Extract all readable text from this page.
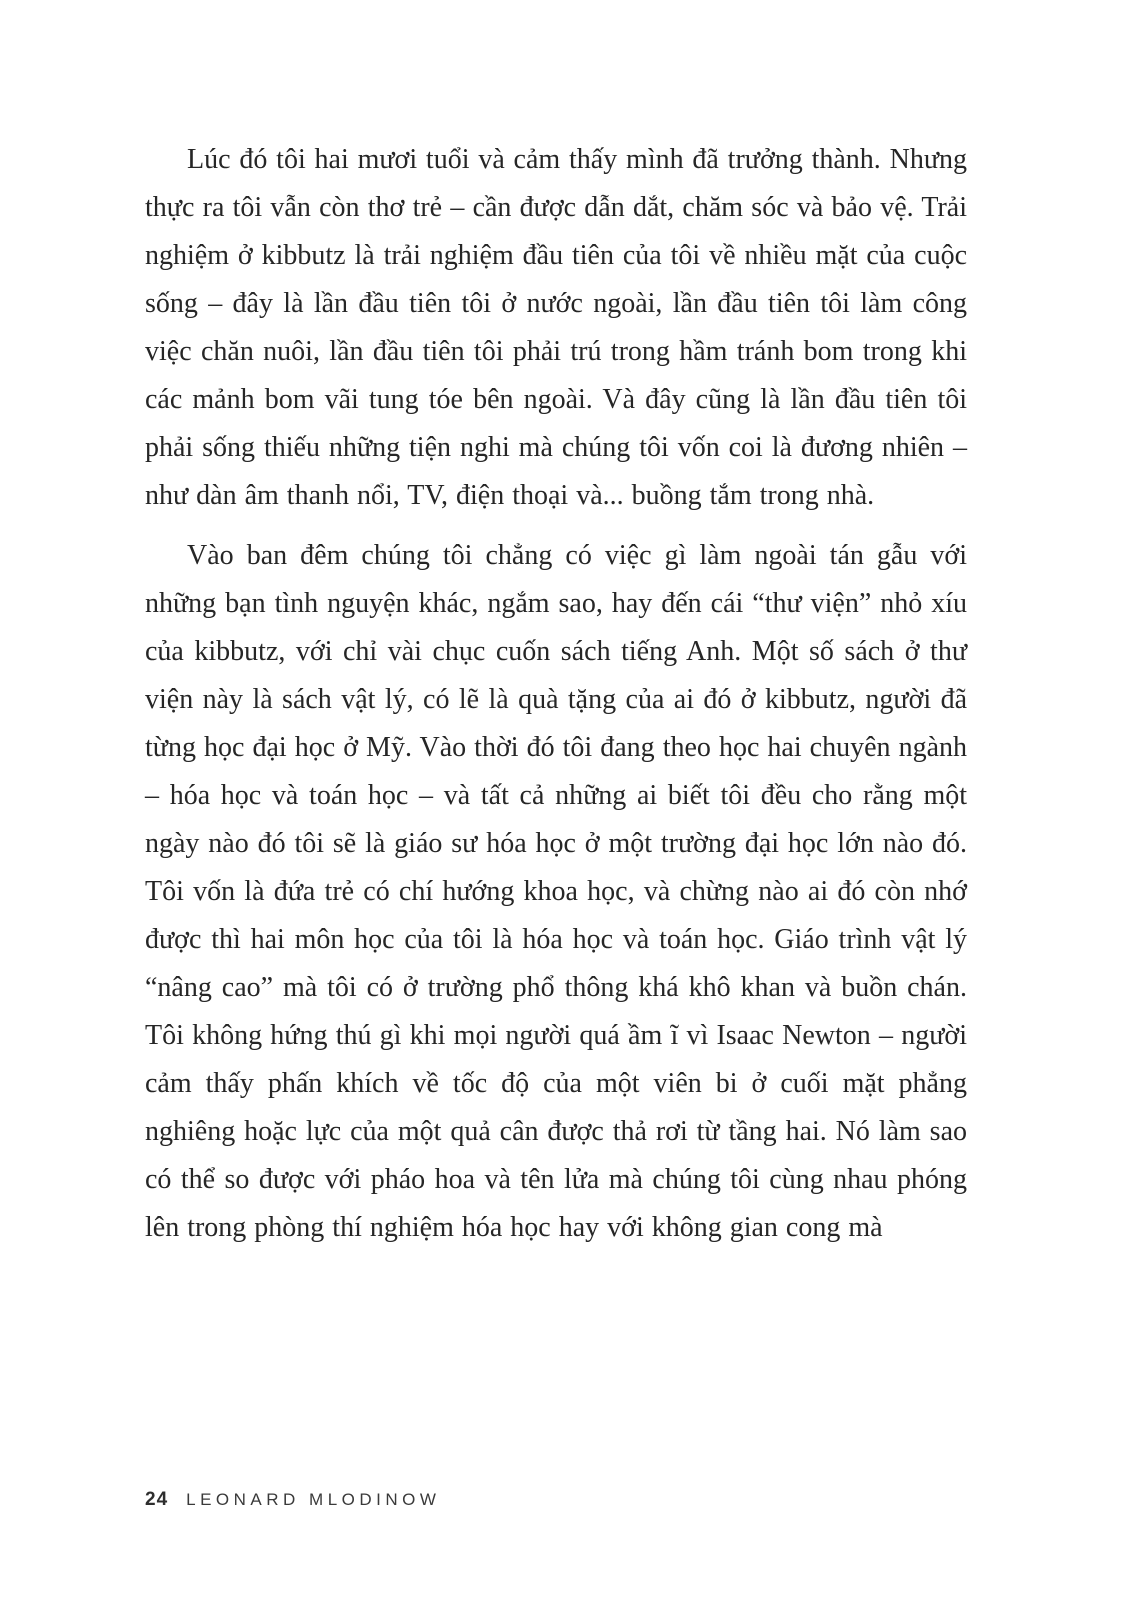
Lúc đó tôi hai mươi tuổi và cảm thấy mình đã trưởng thành. Nhưng thực ra tôi vẫn còn thơ trẻ – cần được dẫn dắt, chăm sóc và bảo vệ. Trải nghiệm ở kibbutz là trải nghiệm đầu tiên của tôi về nhiều mặt của cuộc sống – đây là lần đầu tiên tôi ở nước ngoài, lần đầu tiên tôi làm công việc chăn nuôi, lần đầu tiên tôi phải trú trong hầm tránh bom trong khi các mảnh bom vãi tung tóe bên ngoài. Và đây cũng là lần đầu tiên tôi phải sống thiếu những tiện nghi mà chúng tôi vốn coi là đương nhiên – như dàn âm thanh nổi, TV, điện thoại và... buồng tắm trong nhà.

Vào ban đêm chúng tôi chẳng có việc gì làm ngoài tán gẫu với những bạn tình nguyện khác, ngắm sao, hay đến cái “thư viện” nhỏ xíu của kibbutz, với chỉ vài chục cuốn sách tiếng Anh. Một số sách ở thư viện này là sách vật lý, có lẽ là quà tặng của ai đó ở kibbutz, người đã từng học đại học ở Mỹ. Vào thời đó tôi đang theo học hai chuyên ngành – hóa học và toán học – và tất cả những ai biết tôi đều cho rằng một ngày nào đó tôi sẽ là giáo sư hóa học ở một trường đại học lớn nào đó. Tôi vốn là đứa trẻ có chí hướng khoa học, và chừng nào ai đó còn nhớ được thì hai môn học của tôi là hóa học và toán học. Giáo trình vật lý “nâng cao” mà tôi có ở trường phổ thông khá khô khan và buồn chán. Tôi không hứng thú gì khi mọi người quá ầm ĩ vì Isaac Newton – người cảm thấy phấn khích về tốc độ của một viên bi ở cuối mặt phẳng nghiêng hoặc lực của một quả cân được thả rơi từ tầng hai. Nó làm sao có thể so được với pháo hoa và tên lửa mà chúng tôi cùng nhau phóng lên trong phòng thí nghiệm hóa học hay với không gian cong mà

24 LEONARD MLODINOW
